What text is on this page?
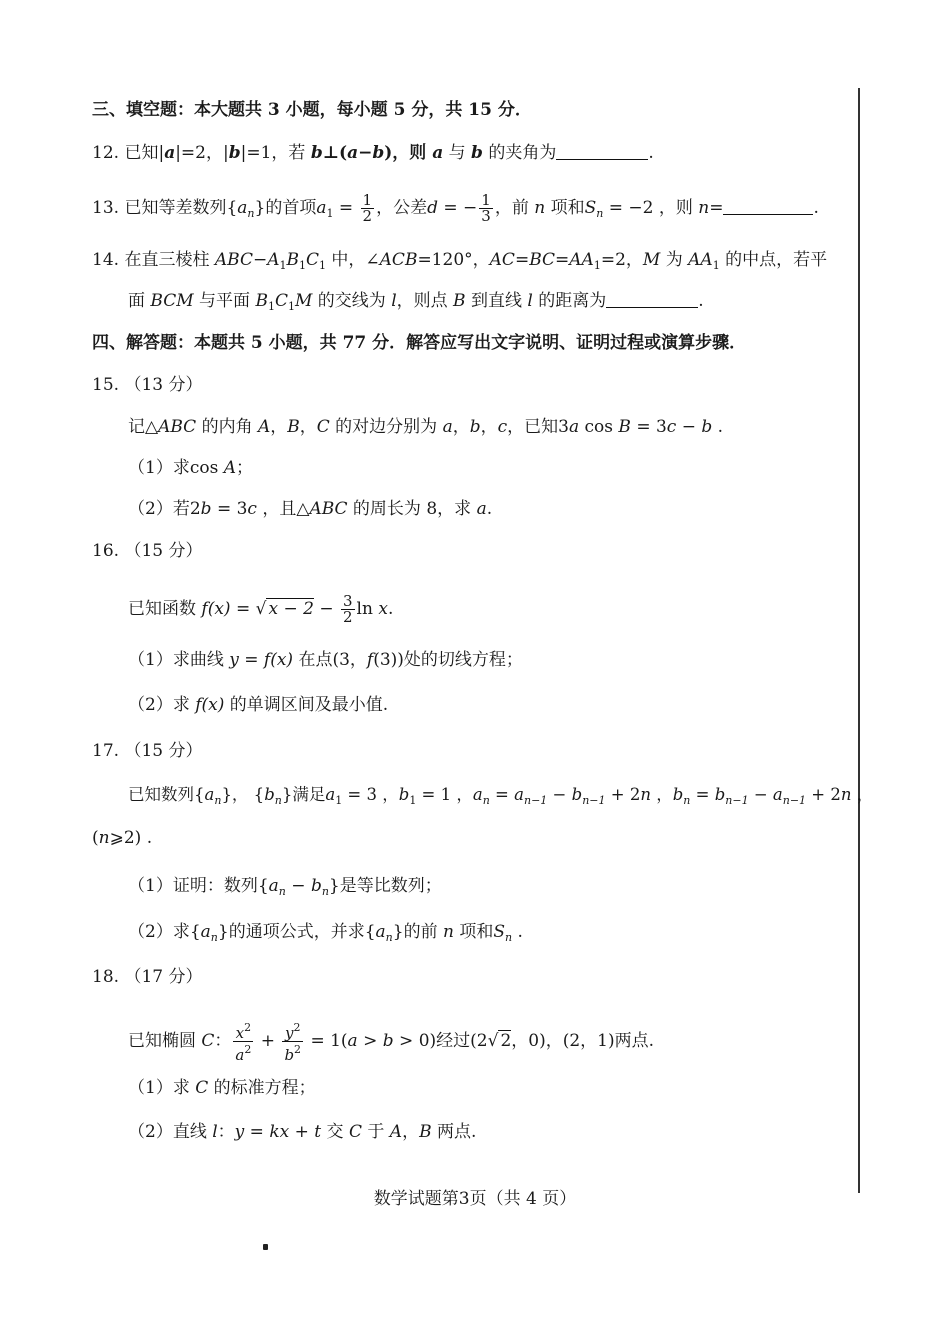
三、填空题：本大题共 3 小题，每小题 5 分，共 15 分．
12. 已知|a|=2，|b|=1，若 b⊥(a−b)，则 a 与 b 的夹角为	.
13. 已知等差数列$\{a_n\}$的首项$a_1 = \frac{1}{2}$ ，公差d = − $\frac{1}{3}$ ，前 n 项和$S_n = -2$ ，则 n=	.
14. 在直三棱柱 $ABC-A_1B_1C_1$ 中，∠ACB=120°，$AC=BC=AA_1=2$，M 为 $AA_1$ 的中点，若平
面 BCM 与平面 $B_1C_1M$ 的交线为 l，则点 B 到直线 l 的距离为	.
四、解答题：本题共 5 小题，共 77 分．解答应写出文字说明、证明过程或演算步骤．
15. （13 分）
记△ABC 的内角 A，B，C 的对边分别为 a，b，c，已知3a cos B = 3c − b .
（1）求cos A；
（2）若2b = 3c ，且△ABC 的周长为 8，求 a.
16. （15 分）
已知函数 f(x) = √ $x - 2 - \frac{3}{2}$ ln x.
（1）求曲线 y = f(x) 在点(3，f(3))处的切线方程；
（2）求 f(x) 的单调区间及最小值.
17. （15 分）
已知数列$\{a_n\}$， $\{b_n\}$满足$a_1 = 3$ ，$b_1 = 1$ ，$a_n = a_{n-1} - b_{n-1} + 2n$ ，$b_n = b_{n-1} - a_{n-1} + 2n$ ，
(n⩾2) .
（1）证明：数列$\{a_n - b_n\}$是等比数列；
（2）求$\{a_n\}$的通项公式，并求$\{a_n\}$的前 n 项和$S_n$ .
18. （17 分）
已知椭圆 C： $\frac{x^2}{a^2} + \frac{y^2}{b^2} = 1(a > b > 0)$经过(2√ 2，0)，(2，1)两点.
（1）求 C 的标准方程；
（2）直线 l：y = kx + t 交 C 于 A，B 两点.
数学试题第3页（共 4 页）
